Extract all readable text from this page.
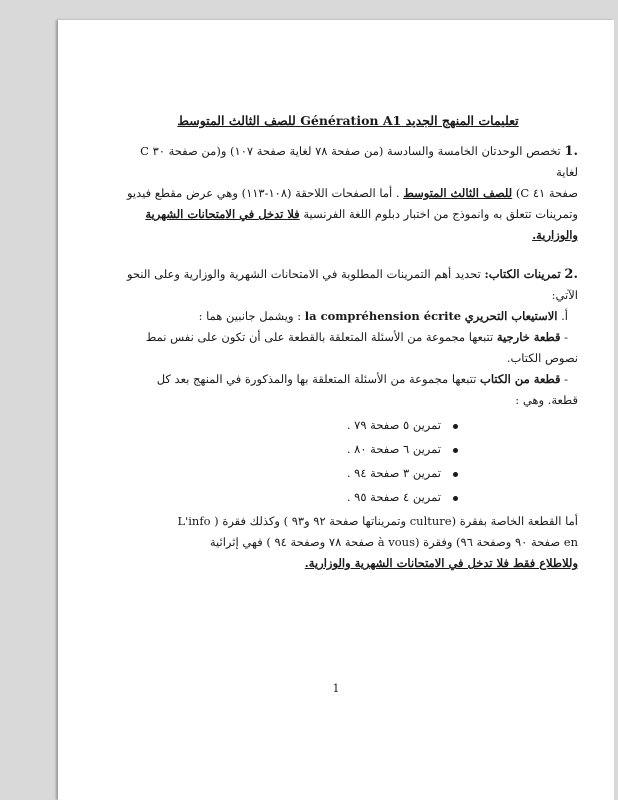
تعليمات المنهج الجديد Génération A1 للصف الثالث المتوسط

.1 تخصص الوحدتان الخامسة والسادسة (من صفحة ٧٨ لغاية صفحة ١٠٧) و(من صفحة ٣٠ C لغاية

صفحة ٤١ C) للصف الثالث المتوسط . أما الصفحات اللاحقة (١٠٨-١١٣) وهي عرض مقطع فيديو

وتمرينات تتعلق به وانموذج من اختبار دبلوم اللغة الفرنسية فلا تدخل في الامتحانات الشهرية

والوزارية.

.2 تمرينات الكتاب: تحديد أهم التمرينات المطلوبة في الامتحانات الشهرية والوزارية وعلى النحو الآتي:

أ. الاستيعاب التحريري la compréhension écrite : ويشمل جانبين هما :

- قطعة خارجية تتبعها مجموعة من الأسئلة المتعلقة بالقطعة على أن تكون على نفس نمط

نصوص الكتاب.

- قطعة من الكتاب تتبعها مجموعة من الأسئلة المتعلقة بها والمذكورة في المنهج بعد كل

قطعة. وهي :

تمرين ٥ صفحة ٧٩ .
تمرين ٦ صفحة ٨٠ .
تمرين ٣ صفحة ٩٤ .
تمرين ٤ صفحة ٩٥ .

أما القطعة الخاصة بفقرة (culture وتمريناتها صفحة ٩٢ و٩٣ ) وكذلك فقرة ( L'info

en صفحة ٩٠ وصفحة ٩٦) وفقرة (à vous صفحة ٧٨ وصفحة ٩٤ ) فهي إثرائية

وللاطلاع فقط فلا تدخل في الامتحانات الشهرية والوزارية.

1
